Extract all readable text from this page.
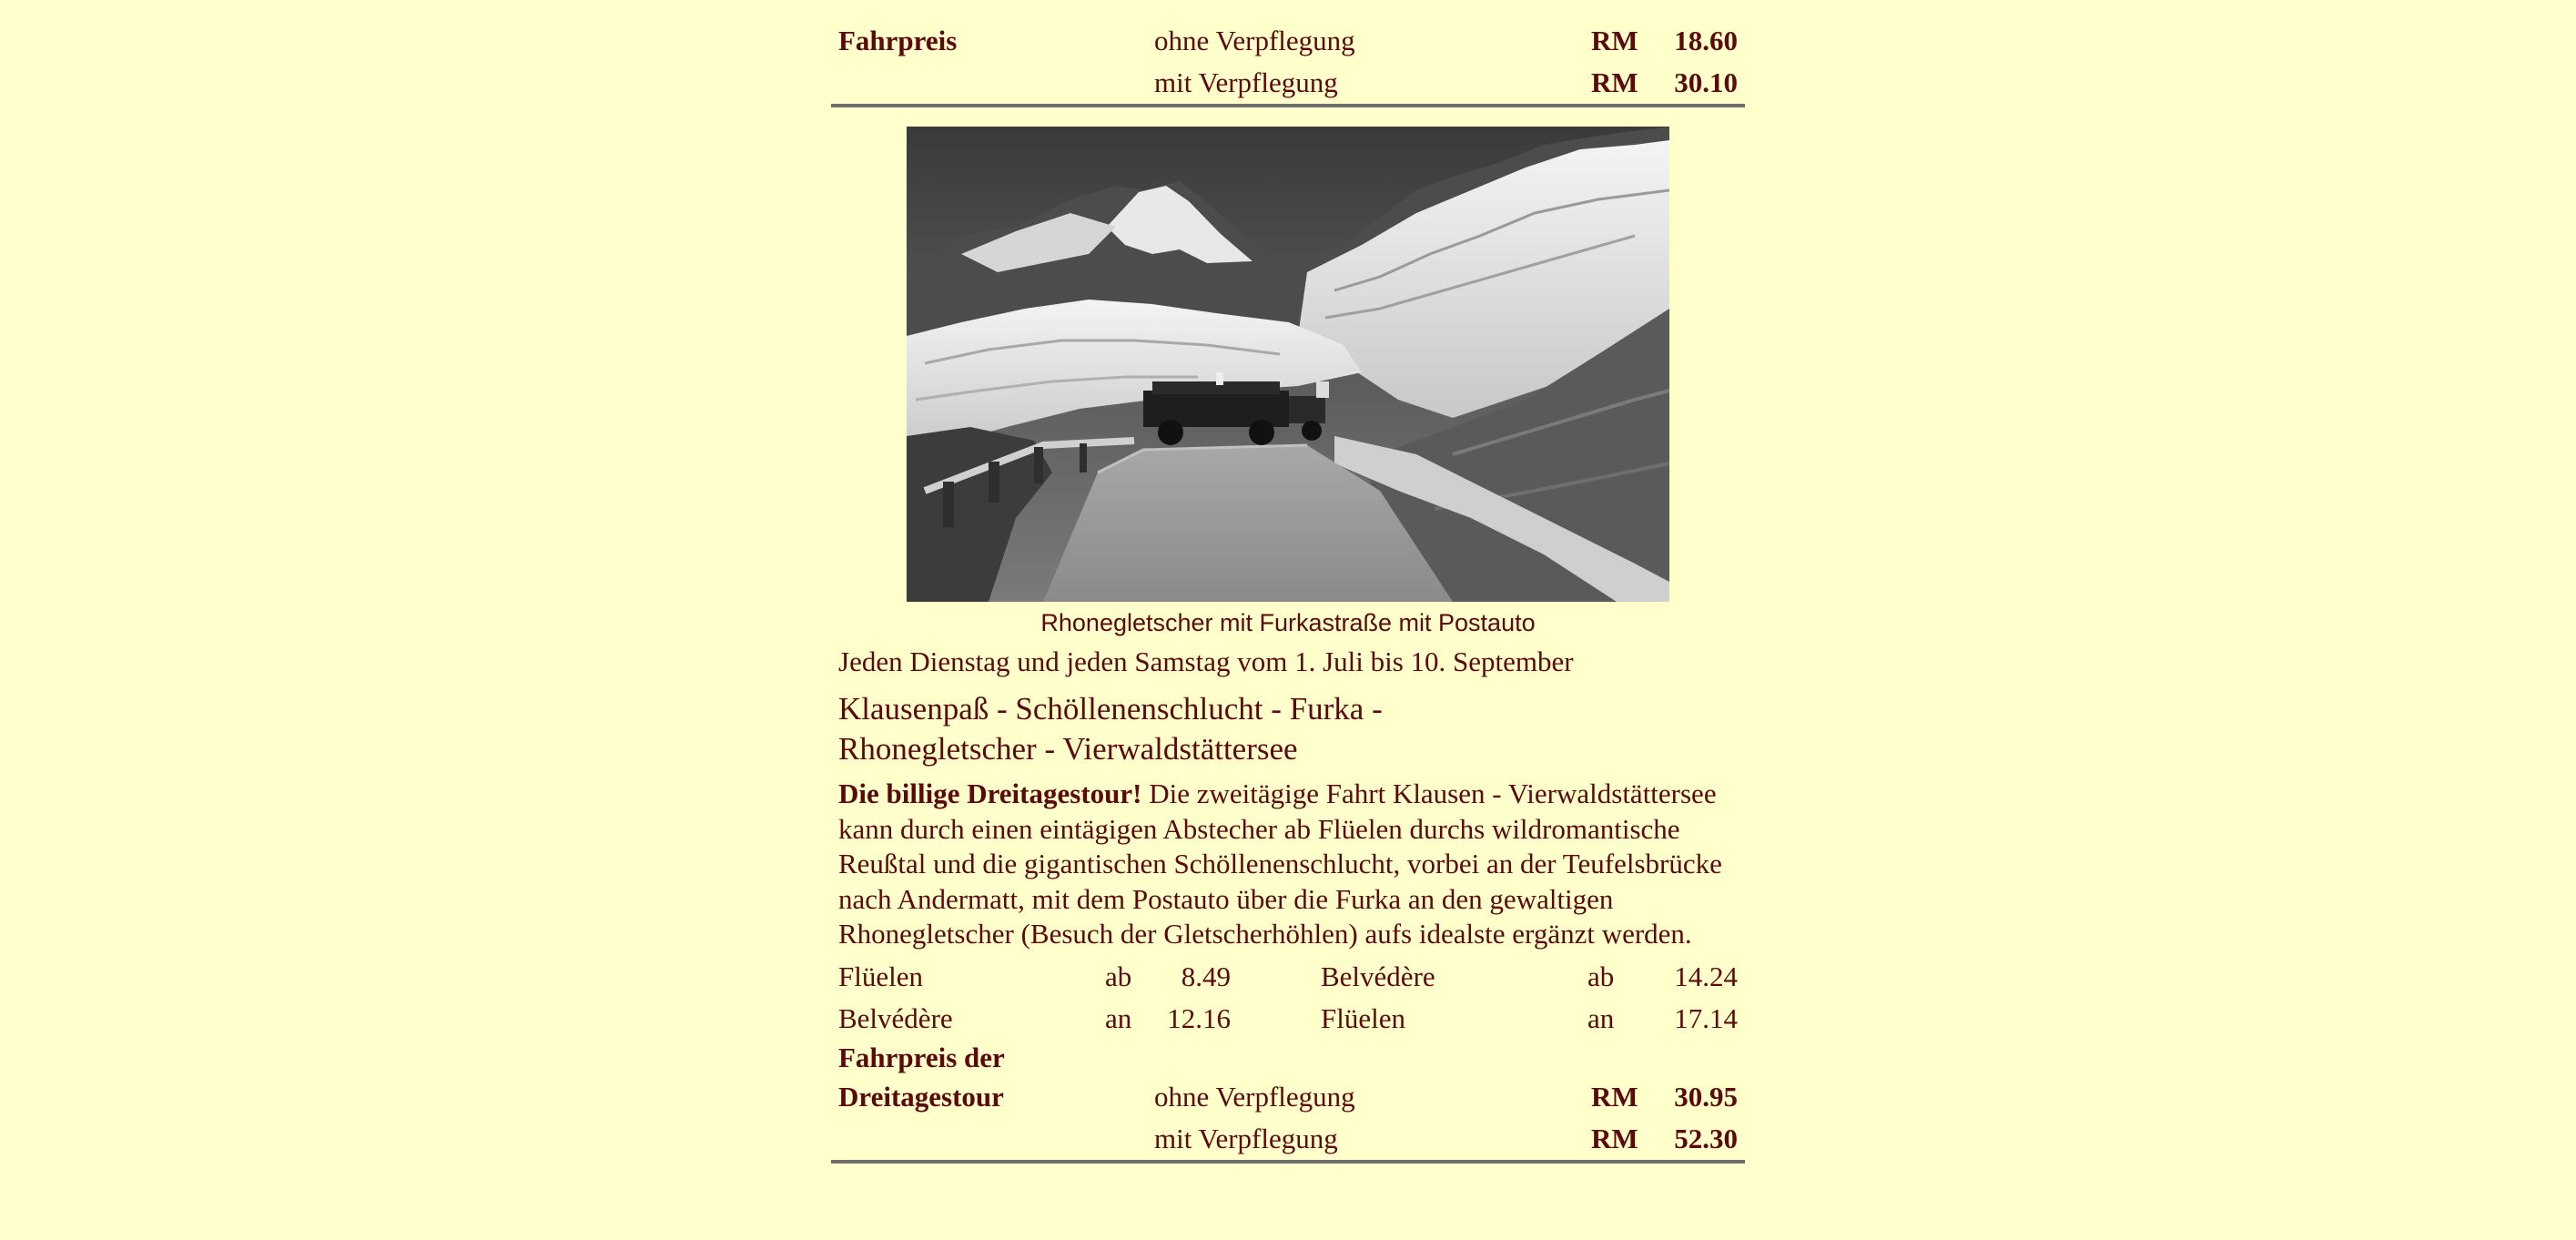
Fahrpreis	ohne Verpflegung	RM	18.60
	mit Verpflegung	RM	30.10
Rhonegletscher mit Furkastraße mit Postauto
Jeden Dienstag und jeden Samstag vom 1. Juli bis 10. September
Klausenpaß - Schöllenenschlucht - Furka -
Rhonegletscher - Vierwaldstättersee
Die billige Dreitagestour! Die zweitägige Fahrt Klausen - Vierwaldstättersee kann durch einen eintägigen Abstecher ab Flüelen durchs wildromantische Reußtal und die gigantischen Schöllenenschlucht, vorbei an der Teufelsbrücke nach Andermatt, mit dem Postauto über die Furka an den gewaltigen Rhonegletscher (Besuch der Gletscherhöhlen) aufs idealste ergänzt werden.
Flüelen	ab	8.49		Belvédère	ab	14.24
Belvédère	an	12.16		Flüelen	an	17.14
Fahrpreis der			
Dreitagestour	ohne Verpflegung	RM	30.95
	mit Verpflegung	RM	52.30
